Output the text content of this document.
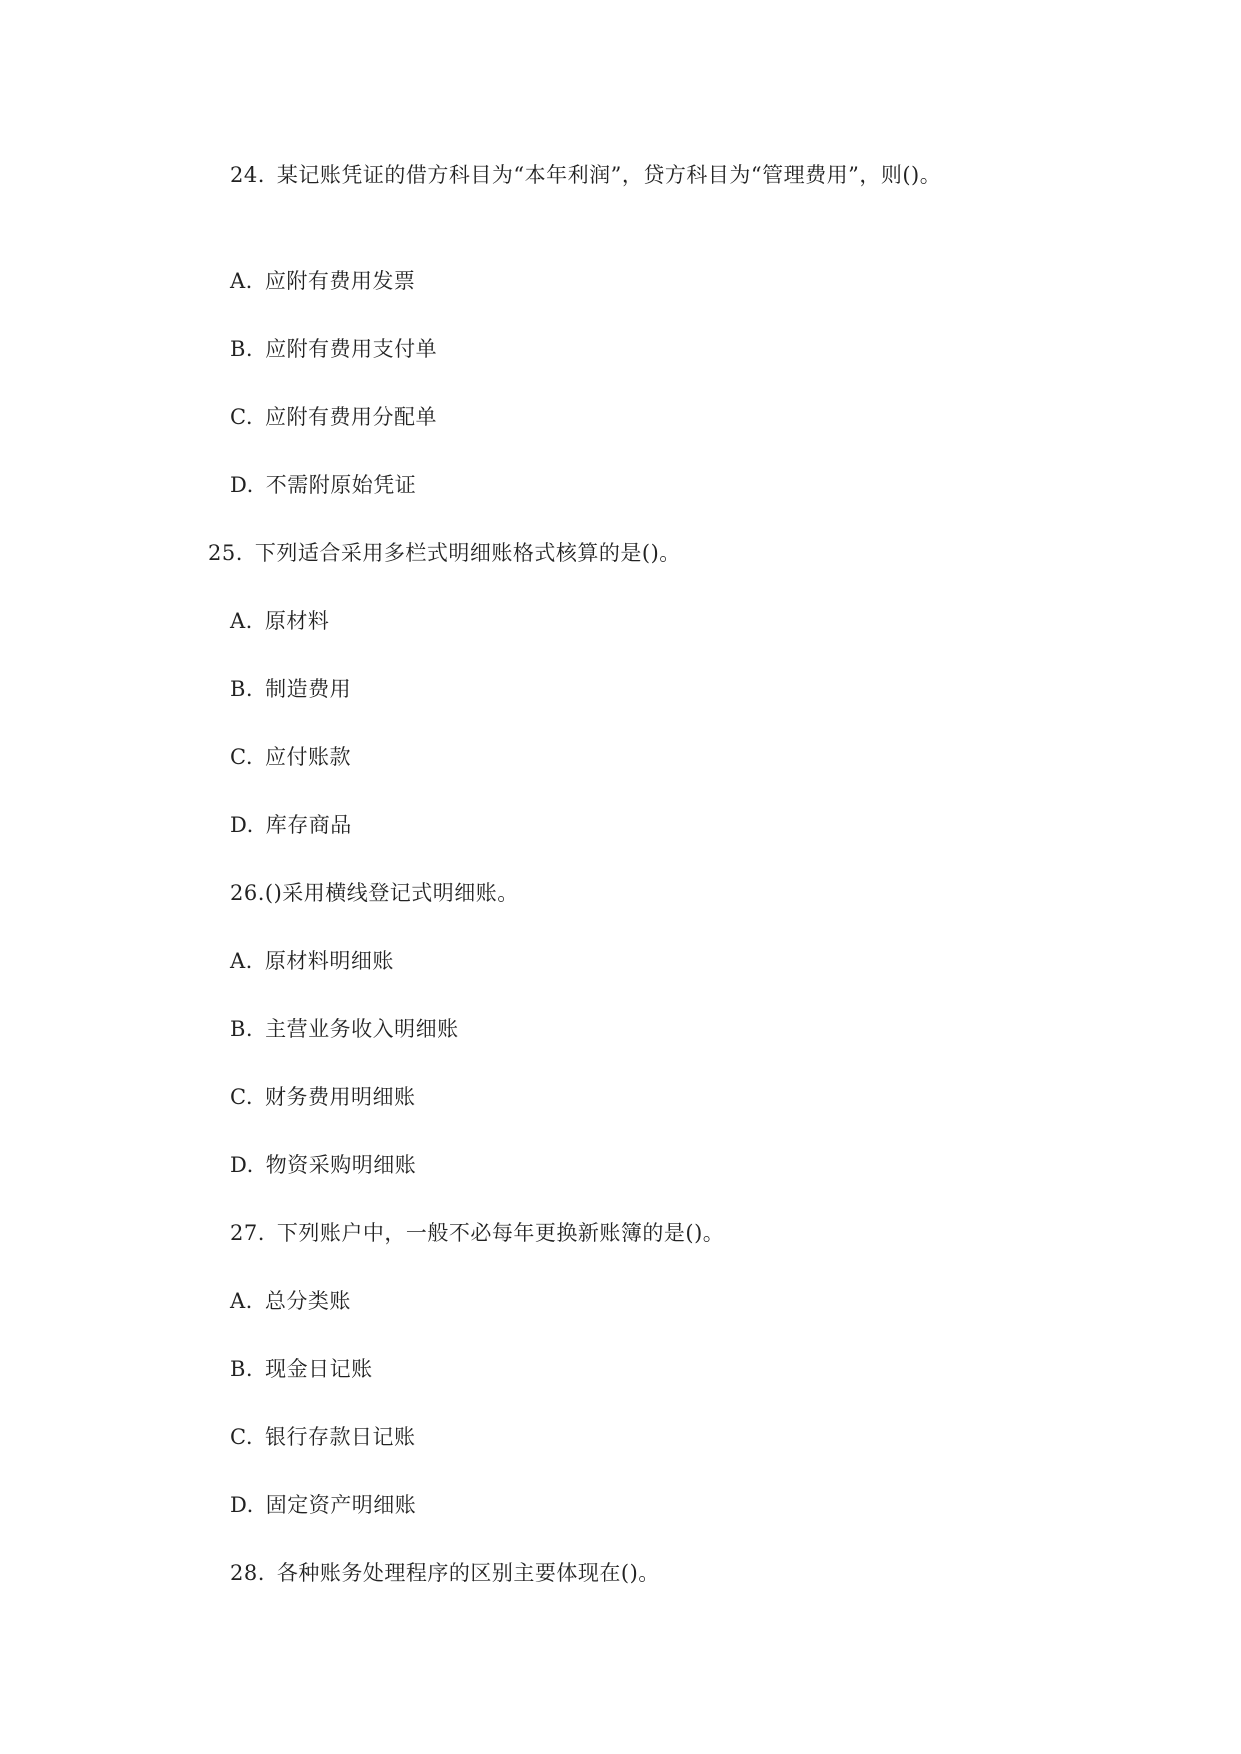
24. 某记账凭证的借方科目为“本年利润”，贷方科目为“管理费用”，则()。
A. 应附有费用发票
B. 应附有费用支付单
C. 应附有费用分配单
D. 不需附原始凭证
25. 下列适合采用多栏式明细账格式核算的是()。
A. 原材料
B. 制造费用
C. 应付账款
D. 库存商品
26.()采用横线登记式明细账。
A. 原材料明细账
B. 主营业务收入明细账
C. 财务费用明细账
D. 物资采购明细账
27. 下列账户中，一般不必每年更换新账簿的是()。
A. 总分类账
B. 现金日记账
C. 银行存款日记账
D. 固定资产明细账
28. 各种账务处理程序的区别主要体现在()。
